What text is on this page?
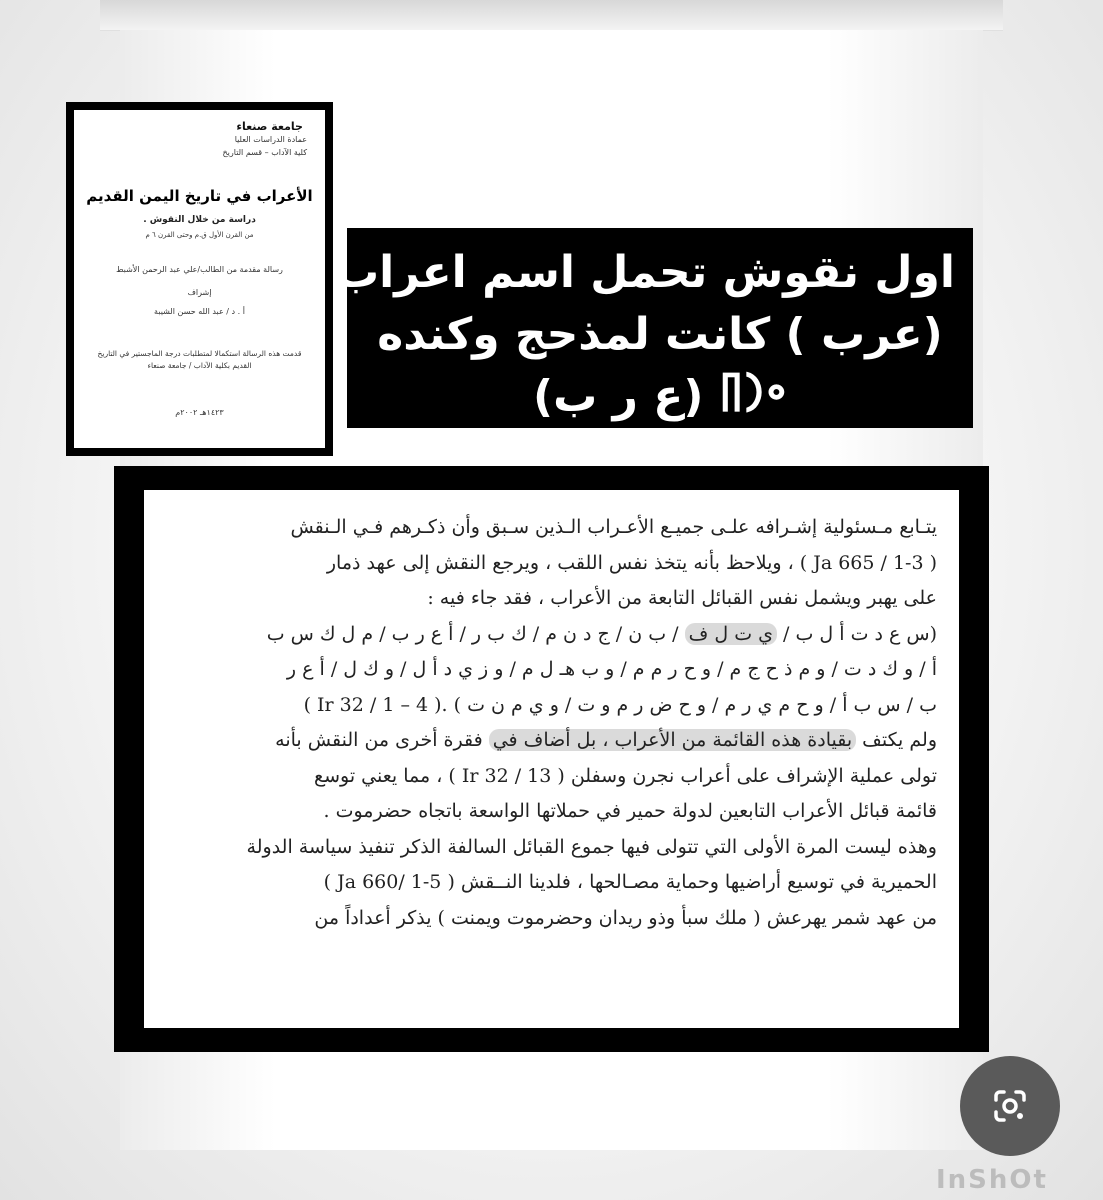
جامعة صنعاء
عمادة الدراسات العليا
كلية الآداب – قسم التاريخ
الأعراب في تاريخ اليمن القديم
دراسة من خلال النقوش .
من القرن الأول ق.م وحتى القرن ٦ م
رسالة مقدمة من الطالب/علي عبد الرحمن الأشبط
إشراف
أ . د / عبد الله حسن الشيبة
قدمت هذه الرسالة استكمالا لمتطلبات درجة الماجستير في التاريخ القديم بكلية الآداب / جامعة صنعاء
١٤٢٣هـ ٢٠٠٢م
اول نقوش تحمل اسم اعراب
(عرب ) كانت لمذحج وكنده
𐩲𐩧𐩨 (ع ر ب)
يتـابع مـسئولية إشـرافه علـى جميـع الأعـراب الـذين سـبق وأن ذكـرهم فـي الـنقش
( Ja 665 / 1-3 ) ، ويلاحظ بأنه يتخذ نفس اللقب ، ويرجع النقش إلى عهد ذمار
على يهبر ويشمل نفس القبائل التابعة من الأعراب ، فقد جاء فيه :
(س ع د ت أ ل ب / ي ت ل ف / ب ن / ج د ن م / ك ب ر / أ ع ر ب / م ل ك س ب
أ / و ك د ت / و م ذ ح ج م / و ح ر م م / و ب هـ ل م / و ز ي د أ ل / و ك ل / أ ع ر
ب / س ب أ / و ح م ي ر م / و ح ض ر م و ت / و ي م ن ت ) .( Ir 32 / 1 – 4 )
ولم يكتف بقيادة هذه القائمة من الأعراب ، بل أضاف في فقرة أخرى من النقش بأنه
تولى عملية الإشراف على أعراب نجرن وسفلن ( Ir 32 / 13 ) ، مما يعني توسع
قائمة قبائل الأعراب التابعين لدولة حمير في حملاتها الواسعة باتجاه حضرموت .
وهذه ليست المرة الأولى التي تتولى فيها جموع القبائل السالفة الذكر تنفيذ سياسة الدولة
الحميرية في توسيع أراضيها وحماية مصـالحها ، فلدينا النــقش ( Ja 660/ 1-5 )
من عهد شمر يهرعش ( ملك سبأ وذو ريدان وحضرموت ويمنت ) يذكر أعداداً من
InShOt
